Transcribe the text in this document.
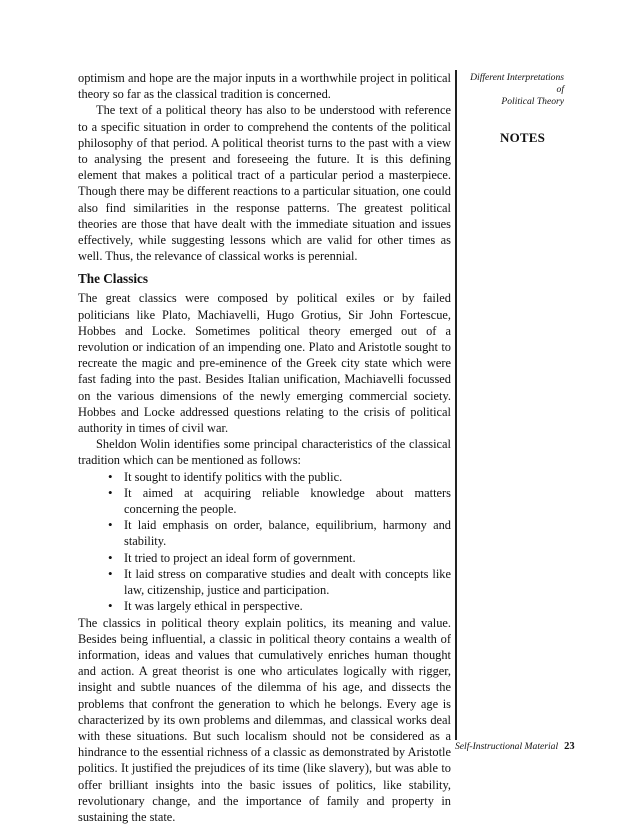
optimism and hope are the major inputs in a worthwhile project in political theory so far as the classical tradition is concerned.

The text of a political theory has also to be understood with reference to a specific situation in order to comprehend the contents of the political philosophy of that period. A political theorist turns to the past with a view to analysing the present and foreseeing the future. It is this defining element that makes a political tract of a particular period a masterpiece. Though there may be different reactions to a particular situation, one could also find similarities in the response patterns. The greatest political theories are those that have dealt with the immediate situation and issues effectively, while suggesting lessons which are valid for other times as well. Thus, the relevance of classical works is perennial.

The Classics

The great classics were composed by political exiles or by failed politicians like Plato, Machiavelli, Hugo Grotius, Sir John Fortescue, Hobbes and Locke. Sometimes political theory emerged out of a revolution or indication of an impending one. Plato and Aristotle sought to recreate the magic and pre-eminence of the Greek city state which were fast fading into the past. Besides Italian unification, Machiavelli focussed on the various dimensions of the newly emerging commercial society. Hobbes and Locke addressed questions relating to the crisis of political authority in times of civil war.

Sheldon Wolin identifies some principal characteristics of the classical tradition which can be mentioned as follows:

• It sought to identify politics with the public.
• It aimed at acquiring reliable knowledge about matters concerning the people.
• It laid emphasis on order, balance, equilibrium, harmony and stability.
• It tried to project an ideal form of government.
• It laid stress on comparative studies and dealt with concepts like law, citizenship, justice and participation.
• It was largely ethical in perspective.

The classics in political theory explain politics, its meaning and value. Besides being influential, a classic in political theory contains a wealth of information, ideas and values that cumulatively enriches human thought and action. A great theorist is one who articulates logically with rigger, insight and subtle nuances of the dilemma of his age, and dissects the problems that confront the generation to which he belongs. Every age is characterized by its own problems and dilemmas, and classical works deal with these situations. But such localism should not be considered as a hindrance to the essential richness of a classic as demonstrated by Aristotle politics. It justified the prejudices of its time (like slavery), but was able to offer brilliant insights into the basic issues of politics, like stability, revolutionary change, and the importance of family and property in sustaining the state.

Different Interpretations of
Political Theory
NOTES
Self-Instructional Material 23
